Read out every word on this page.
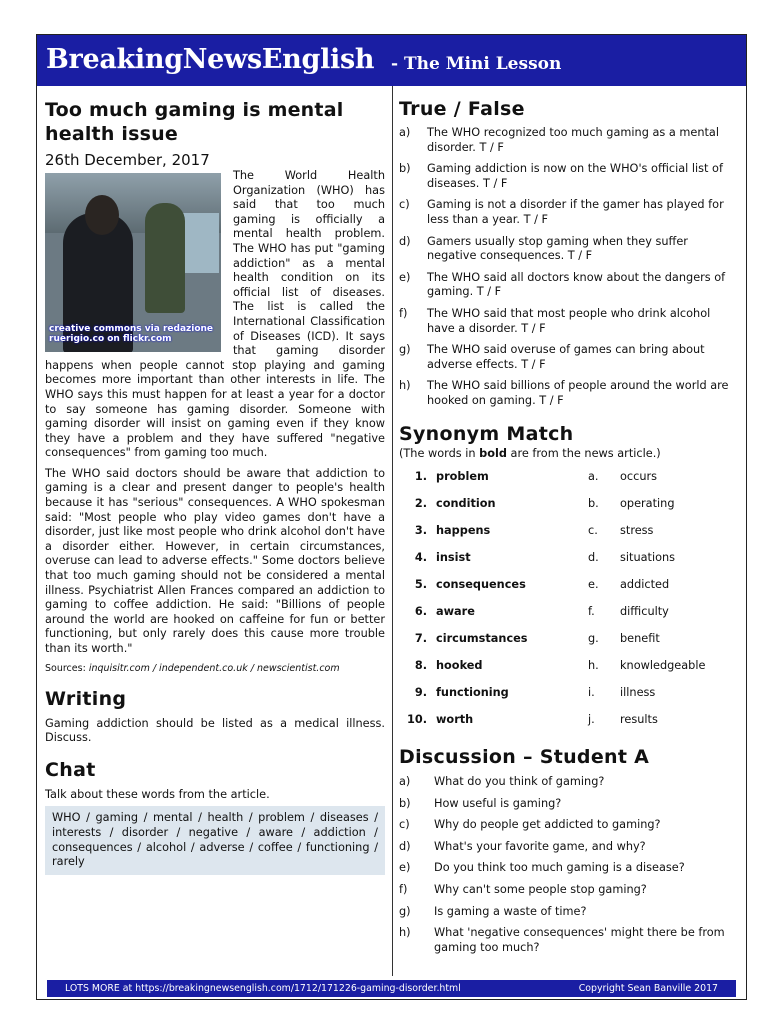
BreakingNewsEnglish - The Mini Lesson
Too much gaming is mental health issue
26th December, 2017
creative commons via redazione ruerigio.co on flickr.com

The World Health Organization (WHO) has said that too much gaming is officially a mental health problem. The WHO has put "gaming addiction" as a mental health condition on its official list of diseases. The list is called the International Classification of Diseases (ICD). It says that gaming disorder happens when people cannot stop playing and gaming becomes more important than other interests in life. The WHO says this must happen for at least a year for a doctor to say someone has gaming disorder. Someone with gaming disorder will insist on gaming even if they know they have a problem and they have suffered "negative consequences" from gaming too much.

The WHO said doctors should be aware that addiction to gaming is a clear and present danger to people's health because it has "serious" consequences. A WHO spokesman said: "Most people who play video games don't have a disorder, just like most people who drink alcohol don't have a disorder either. However, in certain circumstances, overuse can lead to adverse effects." Some doctors believe that too much gaming should not be considered a mental illness. Psychiatrist Allen Frances compared an addiction to gaming to coffee addiction. He said: "Billions of people around the world are hooked on caffeine for fun or better functioning, but only rarely does this cause more trouble than its worth."

Sources: inquisitr.com / independent.co.uk / newscientist.com
Writing
Gaming addiction should be listed as a medical illness. Discuss.
Chat
Talk about these words from the article.
WHO / gaming / mental / health / problem / diseases / interests / disorder / negative / aware / addiction / consequences / alcohol / adverse / coffee / functioning / rarely
True / False
a)	The WHO recognized too much gaming as a mental disorder. T / F
b)	Gaming addiction is now on the WHO's official list of diseases. T / F
c)	Gaming is not a disorder if the gamer has played for less than a year. T / F
d)	Gamers usually stop gaming when they suffer negative consequences. T / F
e)	The WHO said all doctors know about the dangers of gaming. T / F
f)	The WHO said that most people who drink alcohol have a disorder. T / F
g)	The WHO said overuse of games can bring about adverse effects. T / F
h)	The WHO said billions of people around the world are hooked on gaming. T / F
Synonym Match
(The words in bold are from the news article.)
1. problem	a.	occurs
2. condition	b.	operating
3. happens	c.	stress
4. insist	d.	situations
5. consequences	e.	addicted
6. aware	f.	difficulty
7. circumstances	g.	benefit
8. hooked	h.	knowledgeable
9. functioning	i.	illness
10. worth	j.	results
Discussion – Student A
a)	What do you think of gaming?
b)	How useful is gaming?
c)	Why do people get addicted to gaming?
d)	What's your favorite game, and why?
e)	Do you think too much gaming is a disease?
f)	Why can't some people stop gaming?
g)	Is gaming a waste of time?
h)	What 'negative consequences' might there be from gaming too much?
LOTS MORE at https://breakingnewsenglish.com/1712/171226-gaming-disorder.html	Copyright Sean Banville 2017
